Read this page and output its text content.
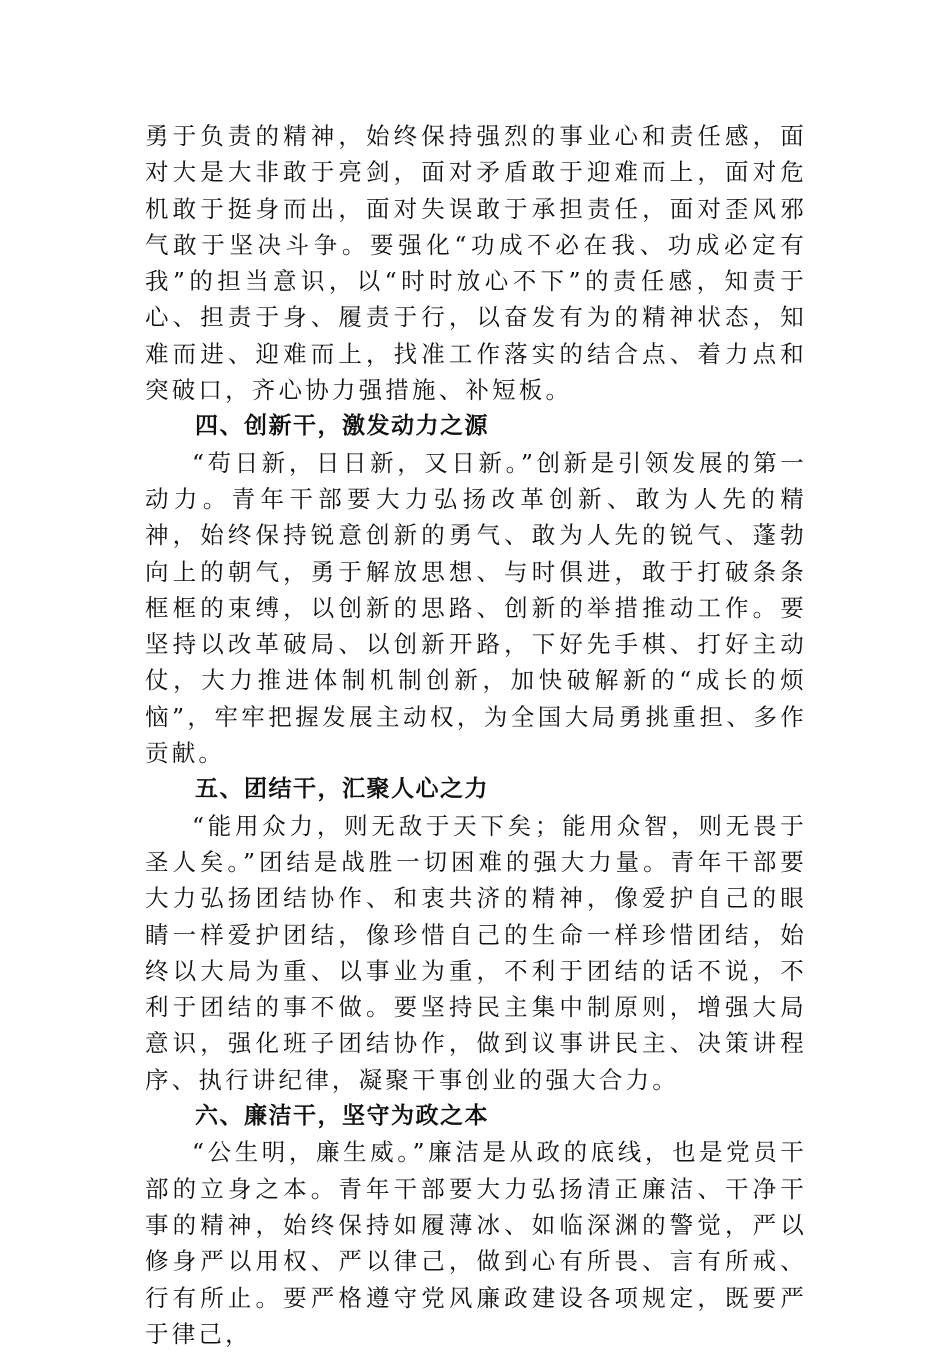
勇于负责的精神，始终保持强烈的事业心和责任感，面对大是大非敢于亮剑，面对矛盾敢于迎难而上，面对危机敢于挺身而出，面对失误敢于承担责任，面对歪风邪气敢于坚决斗争。要强化“功成不必在我、功成必定有我”的担当意识，以“时时放心不下”的责任感，知责于心、担责于身、履责于行，以奋发有为的精神状态，知难而进、迎难而上，找准工作落实的结合点、着力点和突破口，齐心协力强措施、补短板。

四、创新干，激发动力之源

“苟日新，日日新，又日新。”创新是引领发展的第一动力。青年干部要大力弘扬改革创新、敢为人先的精神，始终保持锐意创新的勇气、敢为人先的锐气、蓬勃向上的朝气，勇于解放思想、与时俱进，敢于打破条条框框的束缚，以创新的思路、创新的举措推动工作。要坚持以改革破局、以创新开路，下好先手棋、打好主动仗，大力推进体制机制创新，加快破解新的“成长的烦恼”，牢牢把握发展主动权，为全国大局勇挑重担、多作贡献。

五、团结干，汇聚人心之力

“能用众力，则无敌于天下矣；能用众智，则无畏于圣人矣。”团结是战胜一切困难的强大力量。青年干部要大力弘扬团结协作、和衷共济的精神，像爱护自己的眼睛一样爱护团结，像珍惜自己的生命一样珍惜团结，始终以大局为重、以事业为重，不利于团结的话不说，不利于团结的事不做。要坚持民主集中制原则，增强大局意识，强化班子团结协作，做到议事讲民主、决策讲程序、执行讲纪律，凝聚干事创业的强大合力。

六、廉洁干，坚守为政之本

“公生明，廉生威。”廉洁是从政的底线，也是党员干部的立身之本。青年干部要大力弘扬清正廉洁、干净干事的精神，始终保持如履薄冰、如临深渊的警觉，严以修身严以用权、严以律己，做到心有所畏、言有所戒、行有所止。要严格遵守党风廉政建设各项规定，既要严于律己，
